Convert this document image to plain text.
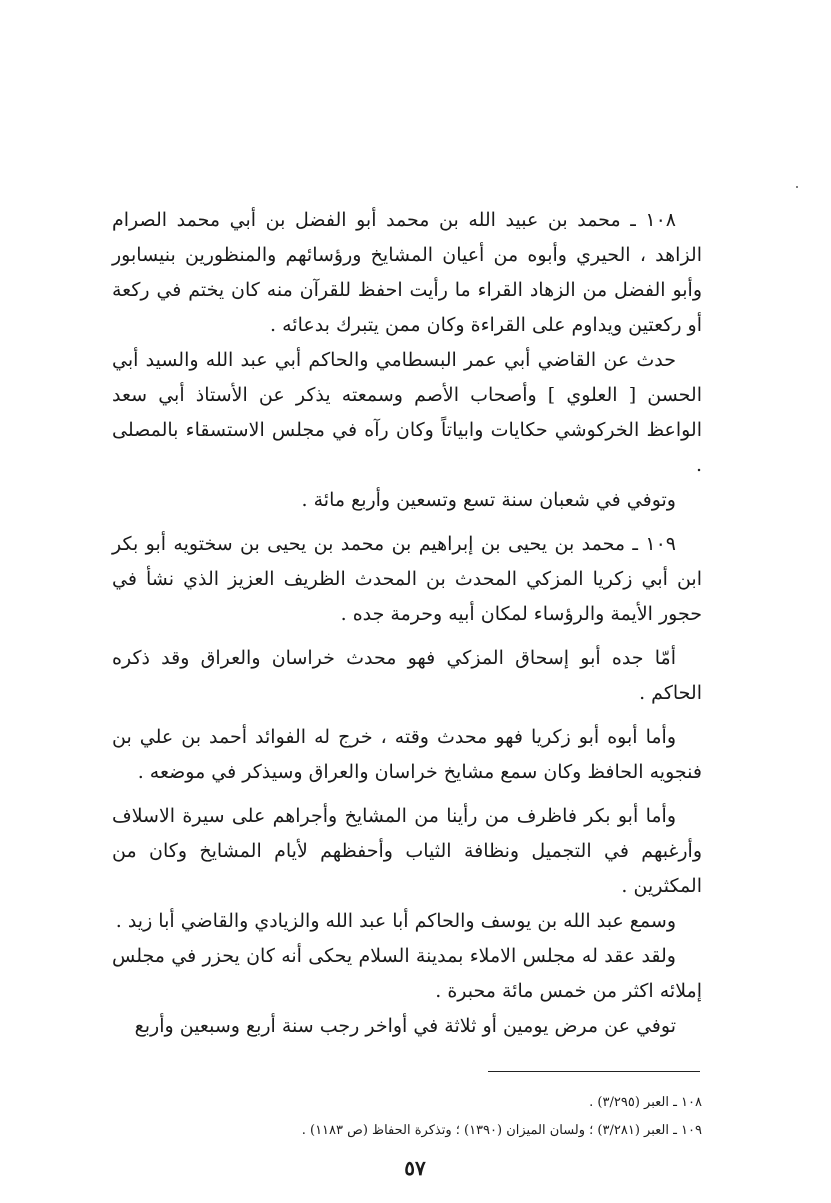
١٠٨ ـ محمد بن عبيد الله بن محمد أبو الفضل بن أبي محمد الصرام الزاهد ، الحيري وأبوه من أعيان المشايخ ورؤسائهم والمنظورين بنيسابور وأبو الفضل من الزهاد القراء ما رأيت احفظ للقرآن منه كان يختم في ركعة أو ركعتين ويداوم على القراءة وكان ممن يتبرك بدعائه .

حدث عن القاضي أبي عمر البسطامي والحاكم أبي عبد الله والسيد أبي الحسن [ العلوي ] وأصحاب الأصم وسمعته يذكر عن الأستاذ أبي سعد الواعظ الخركوشي حكايات وابياتاً وكان رآه في مجلس الاستسقاء بالمصلى .

وتوفي في شعبان سنة تسع وتسعين وأربع مائة .

١٠٩ ـ محمد بن يحيى بن إبراهيم بن محمد بن يحيى بن سختويه أبو بكر ابن أبي زكريا المزكي المحدث بن المحدث الظريف العزيز الذي نشأ في حجور الأيمة والرؤساء لمكان أبيه وحرمة جده .

أمّا جده أبو إسحاق المزكي فهو محدث خراسان والعراق وقد ذكره الحاكم .

وأما أبوه أبو زكريا فهو محدث وقته ، خرج له الفوائد أحمد بن علي بن فنجويه الحافظ وكان سمع مشايخ خراسان والعراق وسيذكر في موضعه .

وأما أبو بكر فاظرف من رأينا من المشايخ وأجراهم على سيرة الاسلاف وأرغبهم في التجميل ونظافة الثياب وأحفظهم لأيام المشايخ وكان من المكثرين .

وسمع عبد الله بن يوسف والحاكم أبا عبد الله والزيادي والقاضي أبا زيد .

ولقد عقد له مجلس الاملاء بمدينة السلام يحكى أنه كان يحزر في مجلس إملائه اكثر من خمس مائة محبرة .

توفي عن مرض يومين أو ثلاثة في أواخر رجب سنة أربع وسبعين وأربع

١٠٨ ـ العبر (٣/٢٩٥) .

١٠٩ ـ العبر (٣/٢٨١) ؛ ولسان الميزان (١٣٩٠) ؛ وتذكرة الحفاظ (ص ١١٨٣) .

٥٧
